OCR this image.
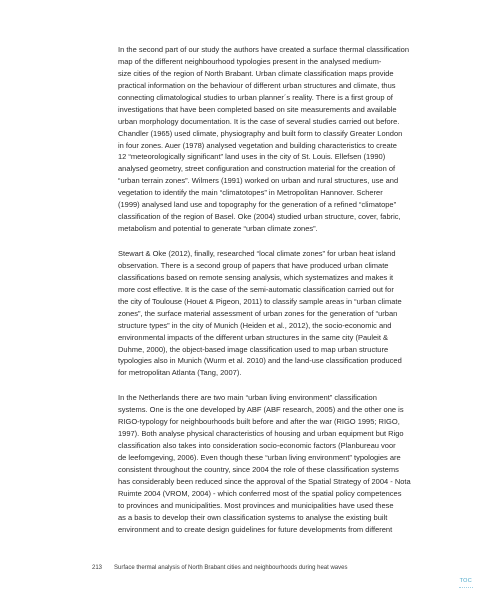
In the second part of our study the authors have created a surface thermal classification
map of the different neighbourhood typologies present in the analysed medium-
size cities of the region of North Brabant. Urban climate classification maps provide
practical information on the behaviour of different urban structures and climate, thus
connecting climatological studies to urban planner´s reality. There is a first group of
investigations that have been completed based on site measurements and available
urban morphology documentation. It is the case of several studies carried out before.
Chandler (1965) used climate, physiography and built form to classify Greater London
in four zones. Auer (1978) analysed vegetation and building characteristics to create
12 “meteorologically significant” land uses in the city of St. Louis. Ellefsen (1990)
analysed geometry, street configuration and construction material for the creation of
“urban terrain zones”. Wilmers (1991) worked on urban and rural structures, use and
vegetation to identify the main “climatotopes” in Metropolitan Hannover. Scherer
(1999) analysed land use and topography for the generation of a refined “climatope”
classification of the region of Basel. Oke (2004) studied urban structure, cover, fabric,
metabolism and potential to generate “urban climate zones”.

Stewart & Oke (2012), finally, researched “local climate zones” for urban heat island
observation. There is a second group of papers that have produced urban climate
classifications based on remote sensing analysis, which systematizes and makes it
more cost effective. It is the case of the semi-automatic classification carried out for
the city of Toulouse (Houet & Pigeon, 2011) to classify sample areas in “urban climate
zones”, the surface material assessment of urban zones for the generation of “urban
structure types” in the city of Munich (Heiden et al., 2012), the socio-economic and
environmental impacts of the different urban structures in the same city (Pauleit &
Duhme, 2000), the object-based image classification used to map urban structure
typologies also in Munich (Wurm et al. 2010) and the land-use classification produced
for metropolitan Atlanta (Tang, 2007).

In the Netherlands there are two main “urban living environment” classification
systems. One is the one developed by ABF (ABF research, 2005) and the other one is
RIGO-typology for neighbourhoods built before and after the war (RIGO 1995; RIGO,
1997). Both analyse physical characteristics of housing and urban equipment but Rigo
classification also takes into consideration socio-economic factors (Planbureau voor
de leefomgeving, 2006). Even though these “urban living environment” typologies are
consistent throughout the country, since 2004 the role of these classification systems
has considerably been reduced since the approval of the Spatial Strategy of 2004 - Nota
Ruimte 2004 (VROM, 2004) - which conferred most of the spatial policy competences
to provinces and municipalities. Most provinces and municipalities have used these
as a basis to develop their own classification systems to analyse the existing built
environment and to create design guidelines for future developments from different

213 Surface thermal analysis of North Brabant cities and neighbourhoods during heat waves
TOC
